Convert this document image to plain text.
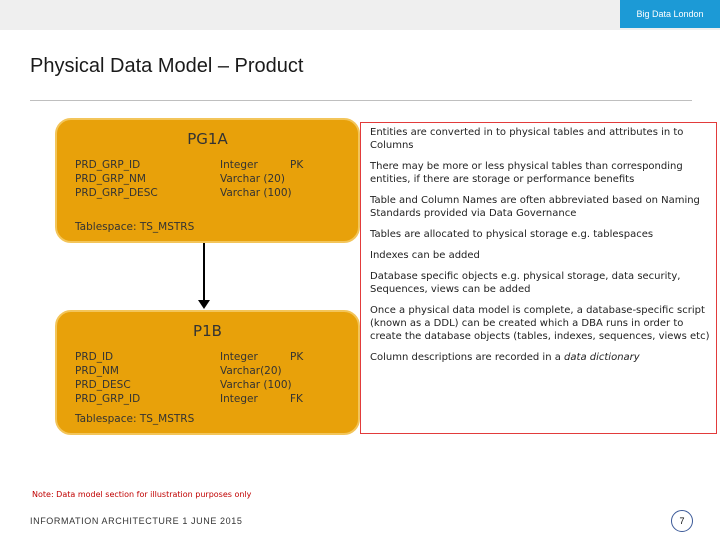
Big Data London
Physical Data Model – Product
PG1A
PRD_GRP_ID
PRD_GRP_NM
PRD_GRP_DESC
Integer
Varchar (20)
Varchar (100)
PK
Tablespace: TS_MSTRS
P1B
PRD_ID
PRD_NM
PRD_DESC
PRD_GRP_ID
Integer
Varchar(20)
Varchar (100)
Integer
PK
FK
Tablespace: TS_MSTRS

Entities are converted in to physical tables and attributes in to Columns

There may be more or less physical tables than corresponding entities, if there are storage or performance benefits

Table and Column Names are often abbreviated based on Naming Standards provided via Data Governance

Tables are allocated to physical storage e.g. tablespaces

Indexes can be added

Database specific objects e.g. physical storage, data security, Sequences, views can be added

Once a physical data model is complete, a database-specific script (known as a DDL) can be created which a DBA runs in order to create the database objects (tables, indexes, sequences, views etc)

Column descriptions are recorded in a data dictionary

Note: Data model section for illustration purposes only
INFORMATION ARCHITECTURE 1 JUNE 2015	7
